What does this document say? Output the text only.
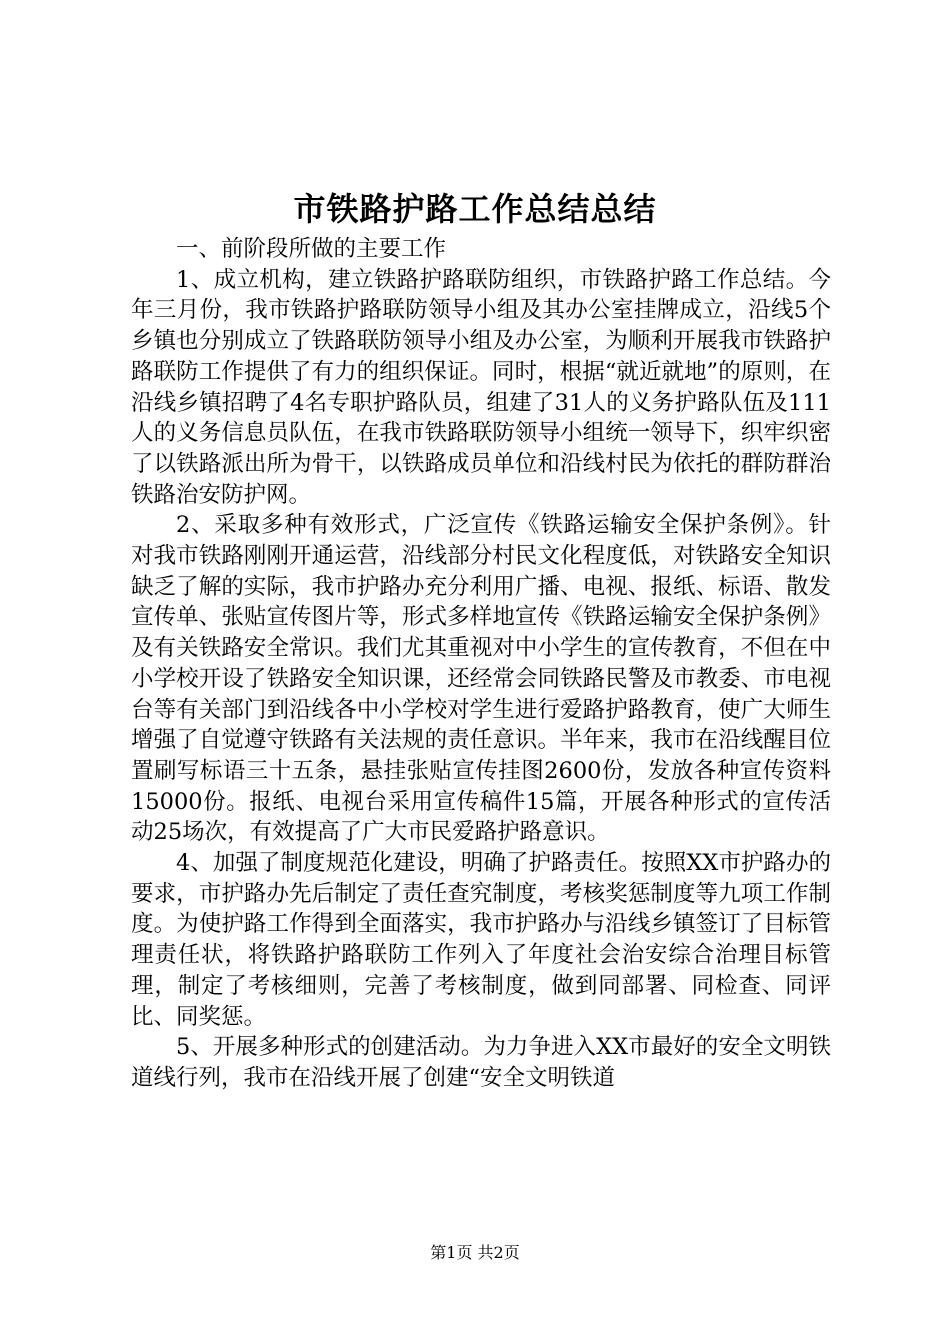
市铁路护路工作总结总结

一、前阶段所做的主要工作

1、成立机构，建立铁路护路联防组织，市铁路护路工作总结。今年三月份，我市铁路护路联防领导小组及其办公室挂牌成立，沿线5个乡镇也分别成立了铁路联防领导小组及办公室，为顺利开展我市铁路护路联防工作提供了有力的组织保证。同时，根据“就近就地”的原则，在沿线乡镇招聘了4名专职护路队员，组建了31人的义务护路队伍及111人的义务信息员队伍，在我市铁路联防领导小组统一领导下，织牢织密了以铁路派出所为骨干，以铁路成员单位和沿线村民为依托的群防群治铁路治安防护网。

2、采取多种有效形式，广泛宣传《铁路运输安全保护条例》。针对我市铁路刚刚开通运营，沿线部分村民文化程度低，对铁路安全知识缺乏了解的实际，我市护路办充分利用广播、电视、报纸、标语、散发宣传单、张贴宣传图片等，形式多样地宣传《铁路运输安全保护条例》及有关铁路安全常识。我们尤其重视对中小学生的宣传教育，不但在中小学校开设了铁路安全知识课，还经常会同铁路民警及市教委、市电视台等有关部门到沿线各中小学校对学生进行爱路护路教育，使广大师生增强了自觉遵守铁路有关法规的责任意识。半年来，我市在沿线醒目位置刷写标语三十五条，悬挂张贴宣传挂图2600份，发放各种宣传资料15000份。报纸、电视台采用宣传稿件15篇，开展各种形式的宣传活动25场次，有效提高了广大市民爱路护路意识。

4、加强了制度规范化建设，明确了护路责任。按照XX市护路办的要求，市护路办先后制定了责任查究制度，考核奖惩制度等九项工作制度。为使护路工作得到全面落实，我市护路办与沿线乡镇签订了目标管理责任状，将铁路护路联防工作列入了年度社会治安综合治理目标管理，制定了考核细则，完善了考核制度，做到同部署、同检查、同评比、同奖惩。

5、开展多种形式的创建活动。为力争进入XX市最好的安全文明铁道线行列，我市在沿线开展了创建“安全文明铁道

第1页 共2页
